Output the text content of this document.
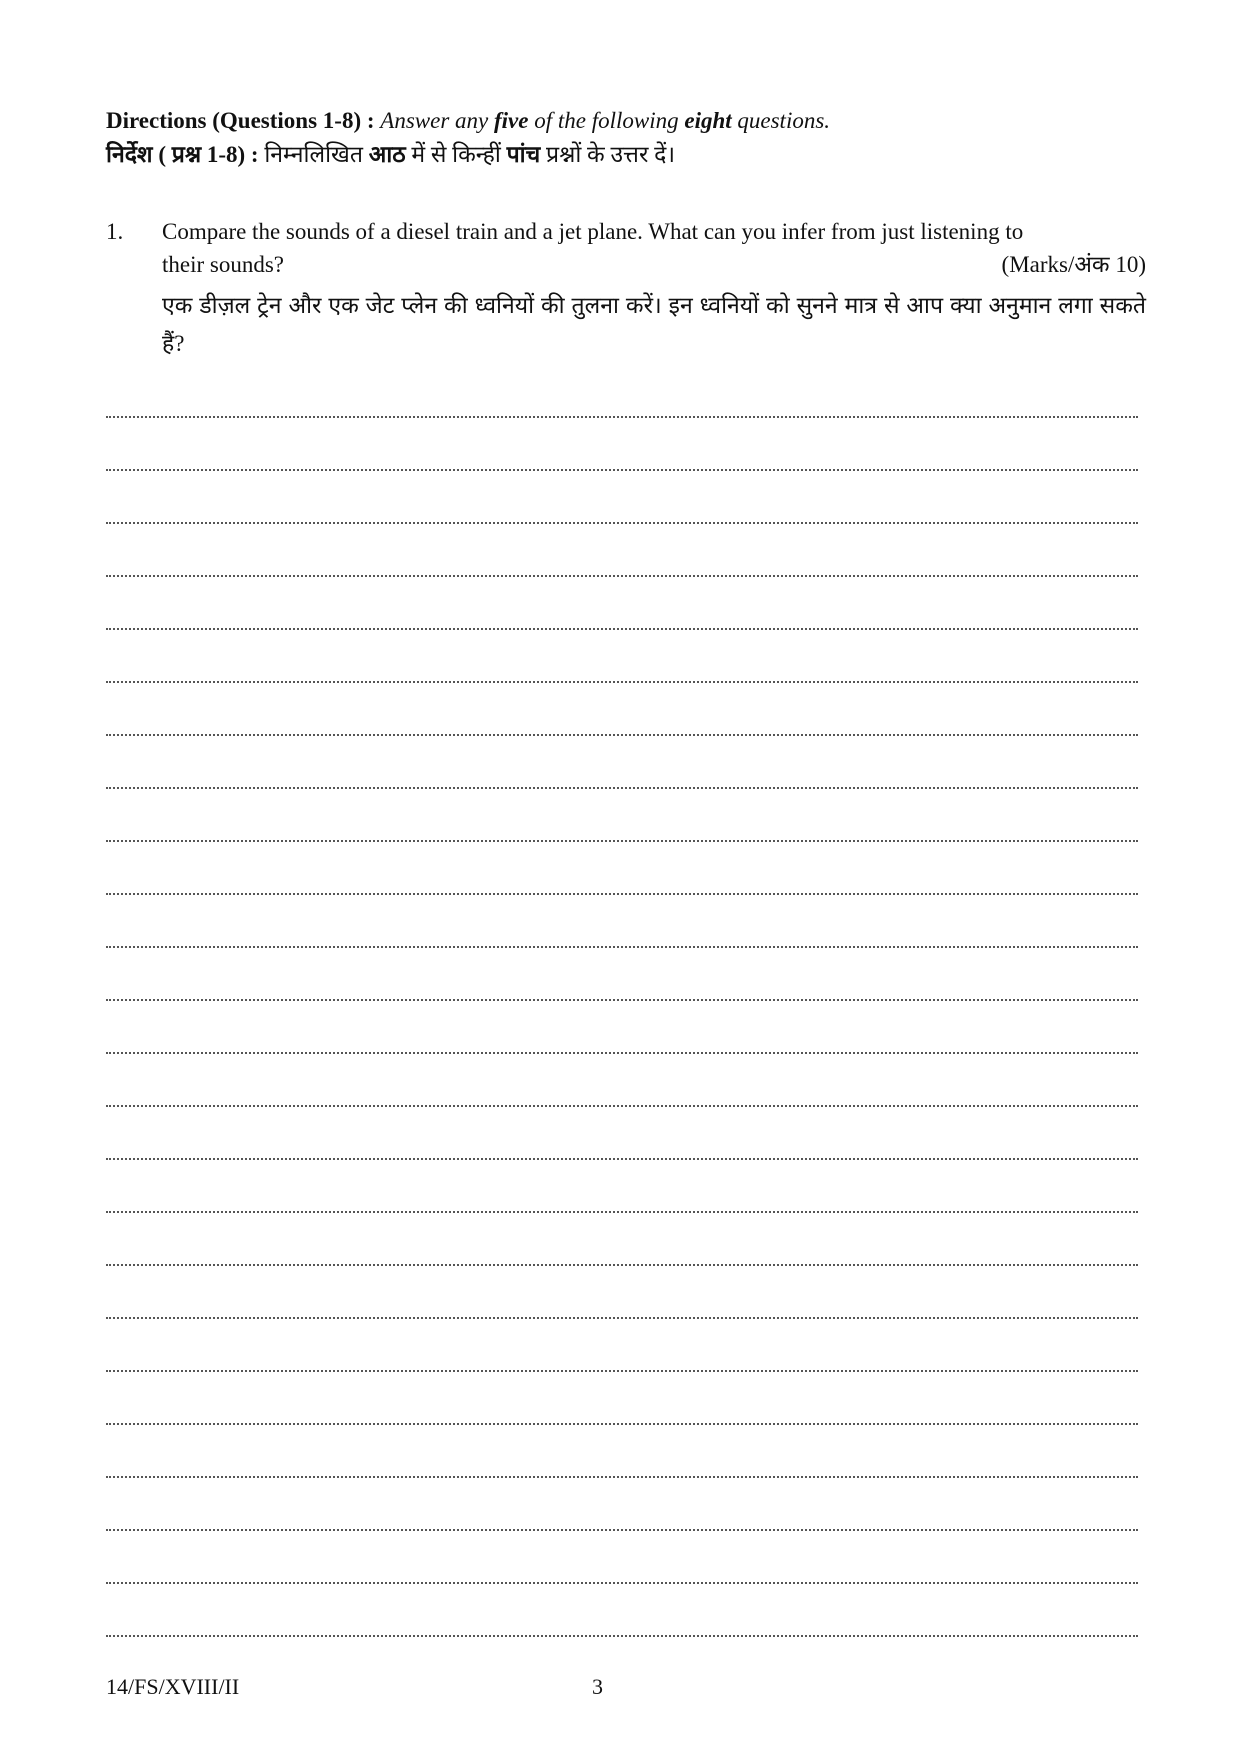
Directions (Questions 1-8) : Answer any five of the following eight questions.
निर्देश ( प्रश्न 1-8) : निम्नलिखित आठ में से किन्हीं पांच प्रश्नों के उत्तर दें।
1. Compare the sounds of a diesel train and a jet plane. What can you infer from just listening to
their sounds?	(Marks/अंक 10)
एक डीज़ल ट्रेन और एक जेट प्लेन की ध्वनियों की तुलना करें। इन ध्वनियों को सुनने मात्र से आप क्या अनुमान लगा सकते हैं?
14/FS/XVIII/II	3
